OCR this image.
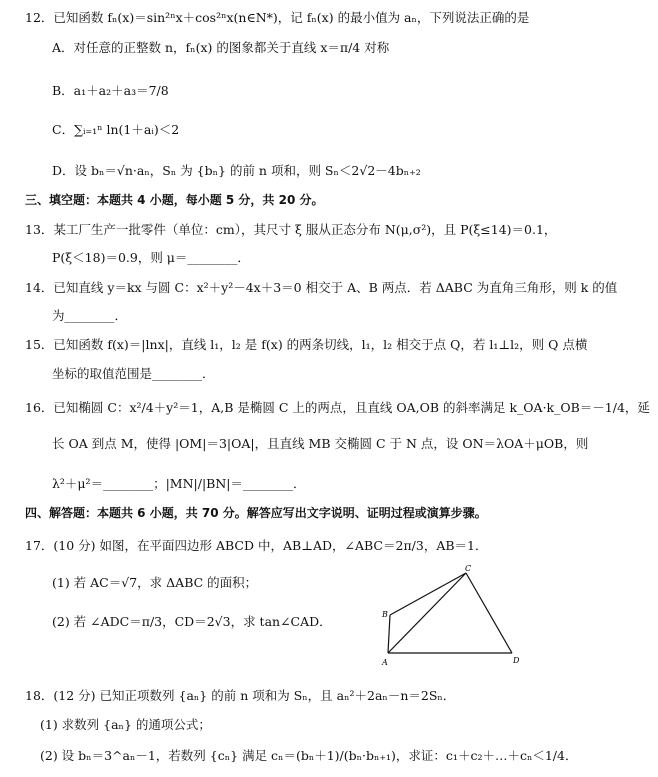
12．已知函数 fₙ(x)＝sin²ⁿx＋cos²ⁿx(n∈N*)，记 fₙ(x) 的最小值为 aₙ，下列说法正确的是
A．对任意的正整数 n，fₙ(x) 的图象都关于直线 x＝π/4 对称
B．a₁＋a₂＋a₃＝7/8
C．∑ᵢ₌₁ⁿ ln(1＋aᵢ)＜2
D．设 bₙ＝√n·aₙ，Sₙ 为 {bₙ} 的前 n 项和，则 Sₙ＜2√2－4bₙ₊₂
三、填空题：本题共 4 小题，每小题 5 分，共 20 分。
13．某工厂生产一批零件（单位：cm），其尺寸 ξ 服从正态分布 N(μ,σ²)，且 P(ξ≤14)＝0.1，
P(ξ＜18)＝0.9，则 μ＝________．
14．已知直线 y＝kx 与圆 C：x²＋y²－4x＋3＝0 相交于 A、B 两点．若 ΔABC 为直角三角形，则 k 的值
为________．
15．已知函数 f(x)＝|lnx|，直线 l₁，l₂ 是 f(x) 的两条切线，l₁，l₂ 相交于点 Q，若 l₁⊥l₂，则 Q 点横
坐标的取值范围是________．
16．已知椭圆 C：x²/4＋y²＝1，A,B 是椭圆 C 上的两点，且直线 OA,OB 的斜率满足 k_OA·k_OB＝－1/4，延
长 OA 到点 M，使得 |OM|＝3|OA|，且直线 MB 交椭圆 C 于 N 点，设 ON＝λOA＋μOB，则
λ²＋μ²＝________；|MN|/|BN|＝________．
四、解答题：本题共 6 小题，共 70 分。解答应写出文字说明、证明过程或演算步骤。
17．(10 分) 如图，在平面四边形 ABCD 中，AB⊥AD，∠ABC＝2π/3，AB＝1．
(1) 若 AC＝√7，求 ΔABC 的面积；
(2) 若 ∠ADC＝π/3，CD＝2√3，求 tan∠CAD．
A
B
C
D
18．(12 分) 已知正项数列 {aₙ} 的前 n 项和为 Sₙ，且 aₙ²＋2aₙ－n＝2Sₙ．
(1) 求数列 {aₙ} 的通项公式；
(2) 设 bₙ＝3^aₙ－1，若数列 {cₙ} 满足 cₙ＝(bₙ＋1)/(bₙ·bₙ₊₁)，求证：c₁＋c₂＋…＋cₙ＜1/4．
